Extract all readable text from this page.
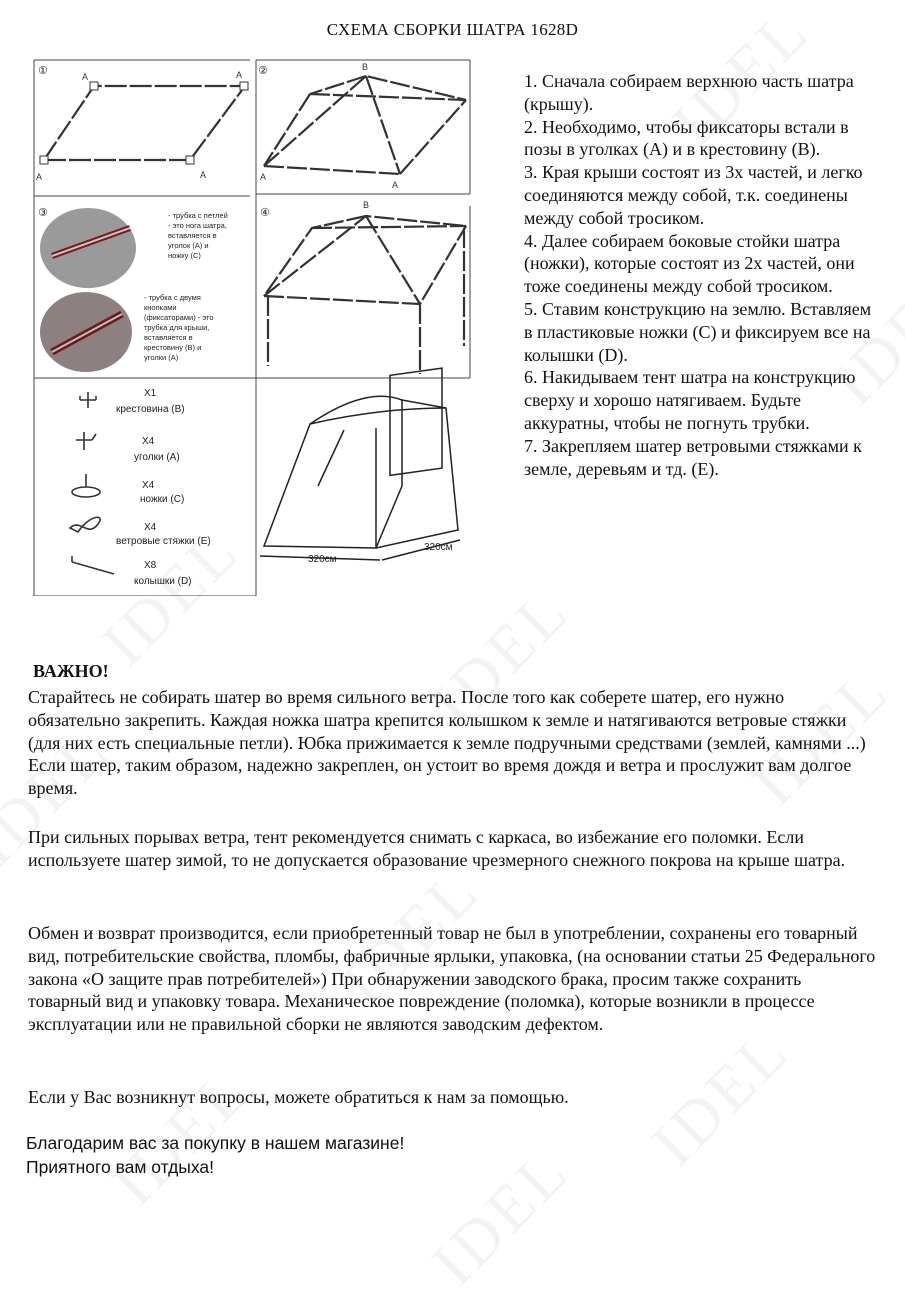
СХЕМА СБОРКИ ШАТРА 1628D
①	②
③	④
A	A
A	A
B
A
A
- трубка с петлей - это нога шатра, вставляется в уголок (А) и ножку (С)
- трубка с двумя кнопками (фиксаторами) - это трубка для крыши, вставляется в крестовину (В) и уголки (А)
B
X1
крестовина (B)
X4
уголки (A)
X4
ножки (C)
X4
ветровые стяжки (E)
X8
колышки (D)
320см
320см

1. Сначала собираем верхнюю часть шатра (крышу).

2. Необходимо, чтобы фиксаторы встали в позы в уголках (А) и в крестовину (В).

3. Края крыши состоят из 3х частей, и легко соединяются между собой, т.к. соединены между собой тросиком.

4. Далее собираем боковые стойки шатра (ножки), которые состоят из 2х частей, они тоже соединены между собой тросиком.

5. Ставим конструкцию на землю. Вставляем в пластиковые ножки (С) и фиксируем все на колышки (D).

6. Накидываем тент шатра на конструкцию сверху и хорошо натягиваем. Будьте аккуратны, чтобы не погнуть трубки.

7. Закрепляем шатер ветровыми стяжками к земле, деревьям и тд. (Е).

ВАЖНО!

Старайтесь не собирать шатер во время сильного ветра. После того как соберете шатер, его нужно обязательно закрепить. Каждая ножка шатра крепится колышком к земле и натягиваются ветровые стяжки (для них есть специальные петли). Юбка прижимается к земле подручными средствами (землей, камнями ...) Если шатер, таким образом, надежно закреплен, он устоит во время дождя и ветра и прослужит вам долгое время.

При сильных порывах ветра, тент рекомендуется снимать с каркаса, во избежание его поломки. Если используете шатер зимой, то не допускается образование чрезмерного снежного покрова на крыше шатра.

Обмен и возврат производится, если приобретенный товар не был в употреблении, сохранены его товарный вид, потребительские свойства, пломбы, фабричные ярлыки, упаковка, (на основании статьи 25 Федерального закона «О защите прав потребителей») При обнаружении заводского брака, просим также сохранить товарный вид и упаковку товара. Механическое повреждение (поломка), которые возникли в процессе эксплуатации или не правильной сборки не являются заводским дефектом.

Если у Вас возникнут вопросы, можете обратиться к нам за помощью.

Благодарим вас за покупку в нашем магазине!
Приятного вам отдыха!
